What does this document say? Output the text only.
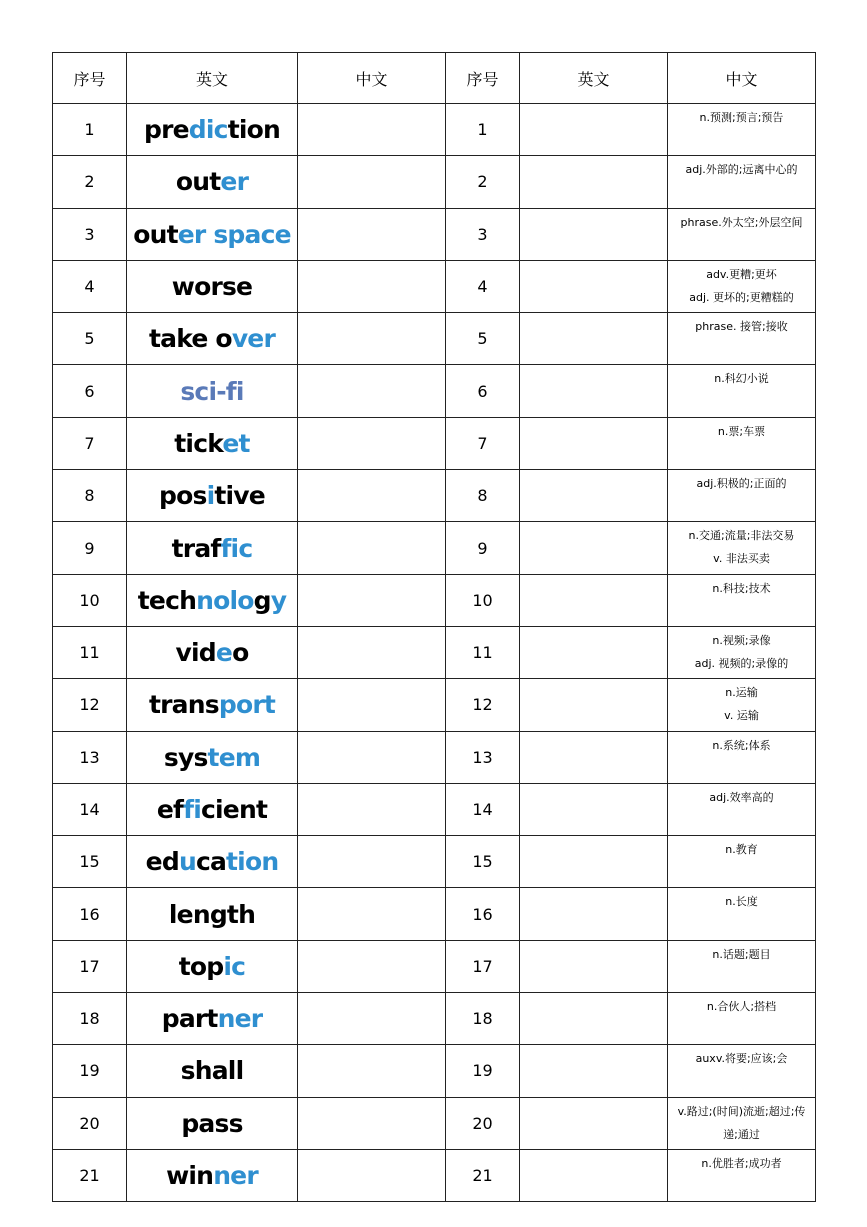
序号	英文	中文	序号	英文	中文
1	prediction		1		n.预测;预言;预告

2	outer		2		adj.外部的;远离中心的

3	outer space		3		phrase.外太空;外层空间

4	worse		4		adv.更糟;更坏
adj. 更坏的;更糟糕的

5	take over		5		phrase. 接管;接收

6	sci-fi		6		n.科幻小说

7	ticket		7		n.票;车票

8	positive		8		adj.积极的;正面的

9	traffic		9		n.交通;流量;非法交易
v. 非法买卖

10	technology		10		n.科技;技术

11	video		11		n.视频;录像
adj. 视频的;录像的

12	transport		12		n.运输
v. 运输

13	system		13		n.系统;体系

14	efficient		14		adj.效率高的

15	education		15		n.教育

16	length		16		n.长度

17	topic		17		n.话题;题目

18	partner		18		n.合伙人;搭档

19	shall		19		auxv.将要;应该;会

20	pass		20		v.路过;(时间)流逝;超过;传递;通过

21	winner		21		n.优胜者;成功者
